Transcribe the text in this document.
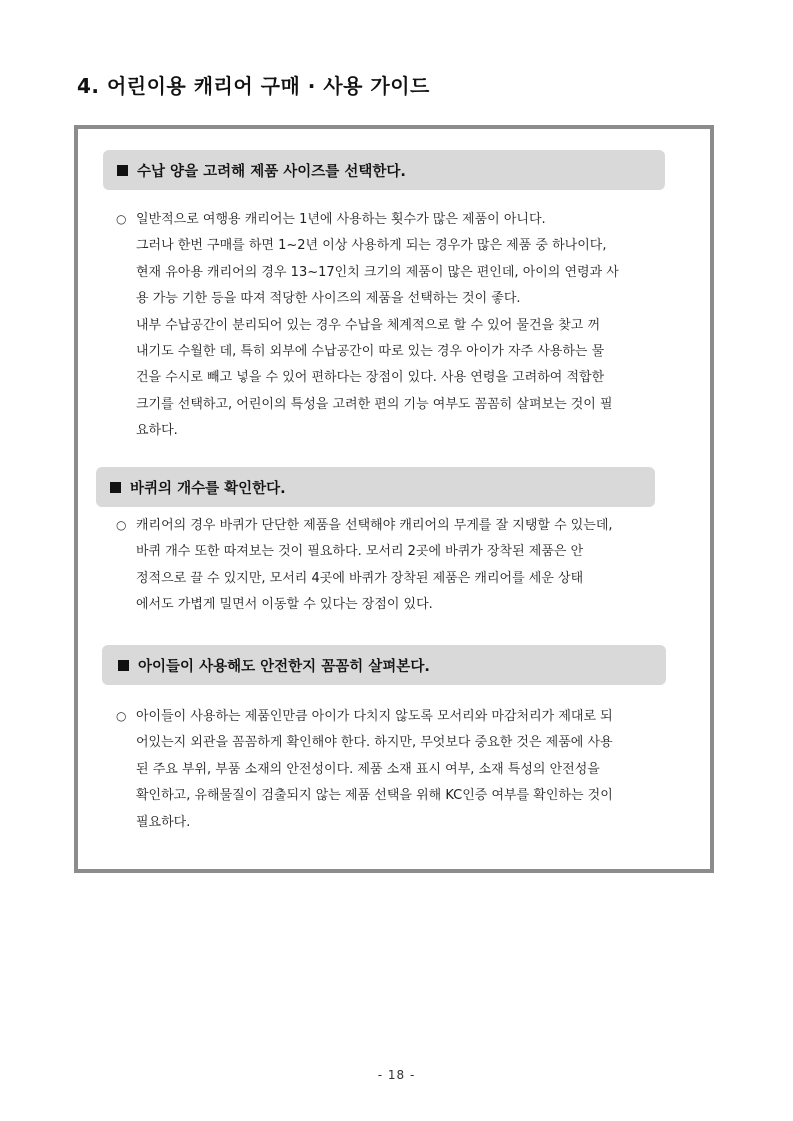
4. 어린이용 캐리어 구매 · 사용 가이드
수납 양을 고려해 제품 사이즈를 선택한다.
○ 일반적으로 여행용 캐리어는 1년에 사용하는 횟수가 많은 제품이 아니다.
그러나 한번 구매를 하면 1~2년 이상 사용하게 되는 경우가 많은 제품 중 하나이다,
현재 유아용 캐리어의 경우 13~17인치 크기의 제품이 많은 편인데, 아이의 연령과 사
용 가능 기한 등을 따져 적당한 사이즈의 제품을 선택하는 것이 좋다.
내부 수납공간이 분리되어 있는 경우 수납을 체계적으로 할 수 있어 물건을 찾고 꺼
내기도 수월한 데, 특히 외부에 수납공간이 따로 있는 경우 아이가 자주 사용하는 물
건을 수시로 빼고 넣을 수 있어 편하다는 장점이 있다. 사용 연령을 고려하여 적합한
크기를 선택하고, 어린이의 특성을 고려한 편의 기능 여부도 꼼꼼히 살펴보는 것이 필
요하다.
바퀴의 개수를 확인한다.
○ 캐리어의 경우 바퀴가 단단한 제품을 선택해야 캐리어의 무게를 잘 지탱할 수 있는데,
바퀴 개수 또한 따져보는 것이 필요하다. 모서리 2곳에 바퀴가 장착된 제품은 안
정적으로 끌 수 있지만, 모서리 4곳에 바퀴가 장착된 제품은 캐리어를 세운 상태
에서도 가볍게 밀면서 이동할 수 있다는 장점이 있다.
아이들이 사용해도 안전한지 꼼꼼히 살펴본다.
○ 아이들이 사용하는 제품인만큼 아이가 다치지 않도록 모서리와 마감처리가 제대로 되
어있는지 외관을 꼼꼼하게 확인해야 한다. 하지만, 무엇보다 중요한 것은 제품에 사용
된 주요 부위, 부품 소재의 안전성이다. 제품 소재 표시 여부, 소재 특성의 안전성을
확인하고, 유해물질이 검출되지 않는 제품 선택을 위해 KC인증 여부를 확인하는 것이
필요하다.
- 18 -
